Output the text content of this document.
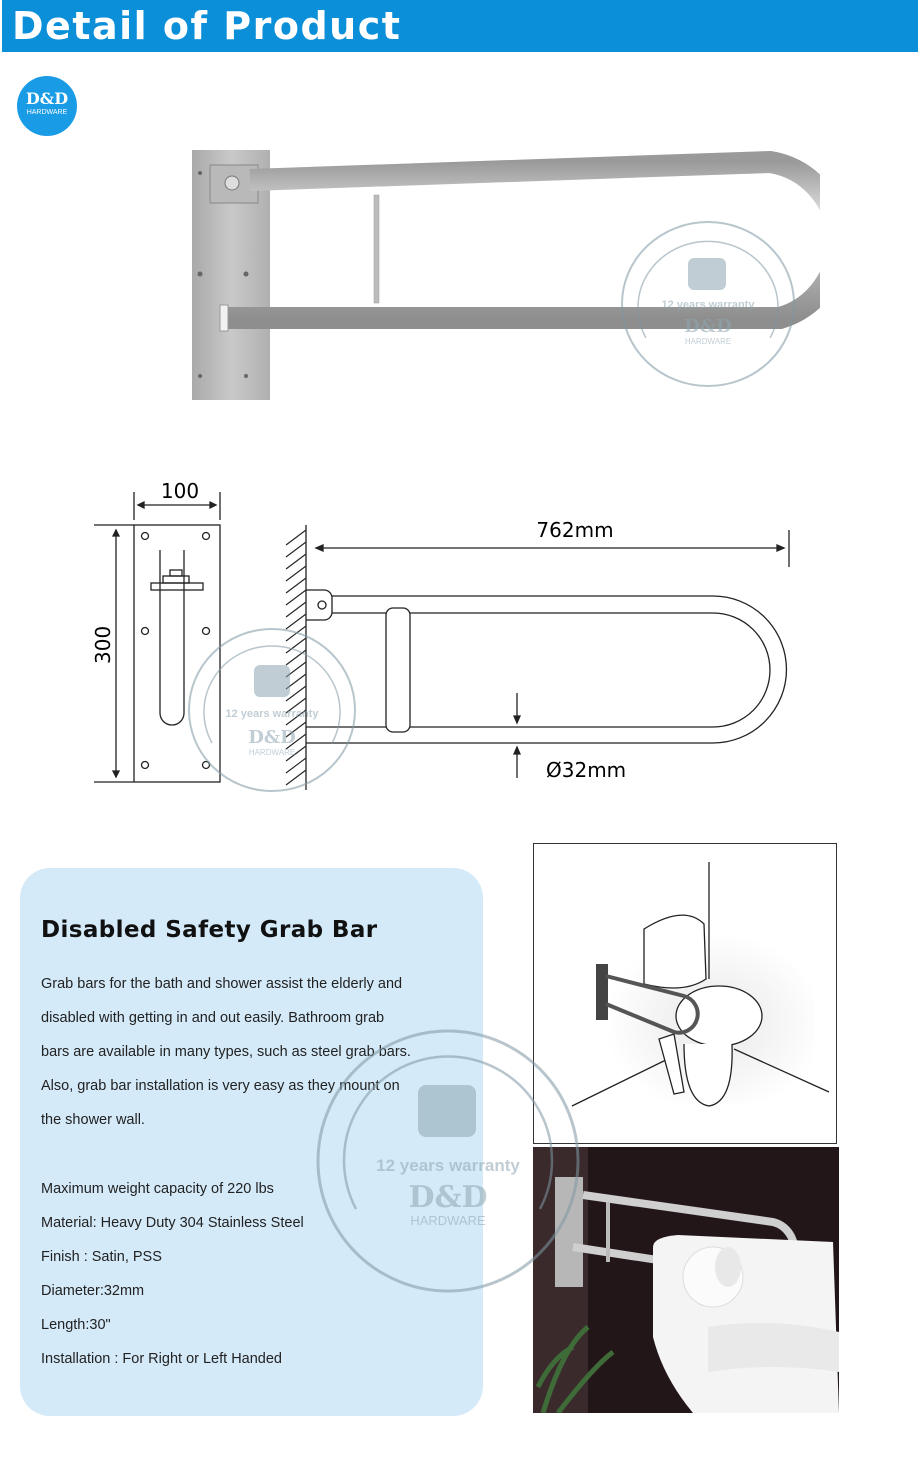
Detail of Product
D&D
HARDWARE
12 years warranty
D&D
HARDWARE
100
300
762mm
Ø32mm
12 years warranty
D&D
HARDWARE
Disabled Safety Grab Bar

Grab bars for the bath and shower assist the elderly and

disabled with getting in and out easily. Bathroom grab

bars are available in many types, such as steel grab bars.

Also, grab bar installation is very easy as they mount on

the shower wall.

Maximum weight capacity of 220 lbs

Material: Heavy Duty 304 Stainless Steel

Finish : Satin, PSS

Diameter:32mm

Length:30"

Installation : For Right or Left Handed

12 years warranty
D&D
HARDWARE
